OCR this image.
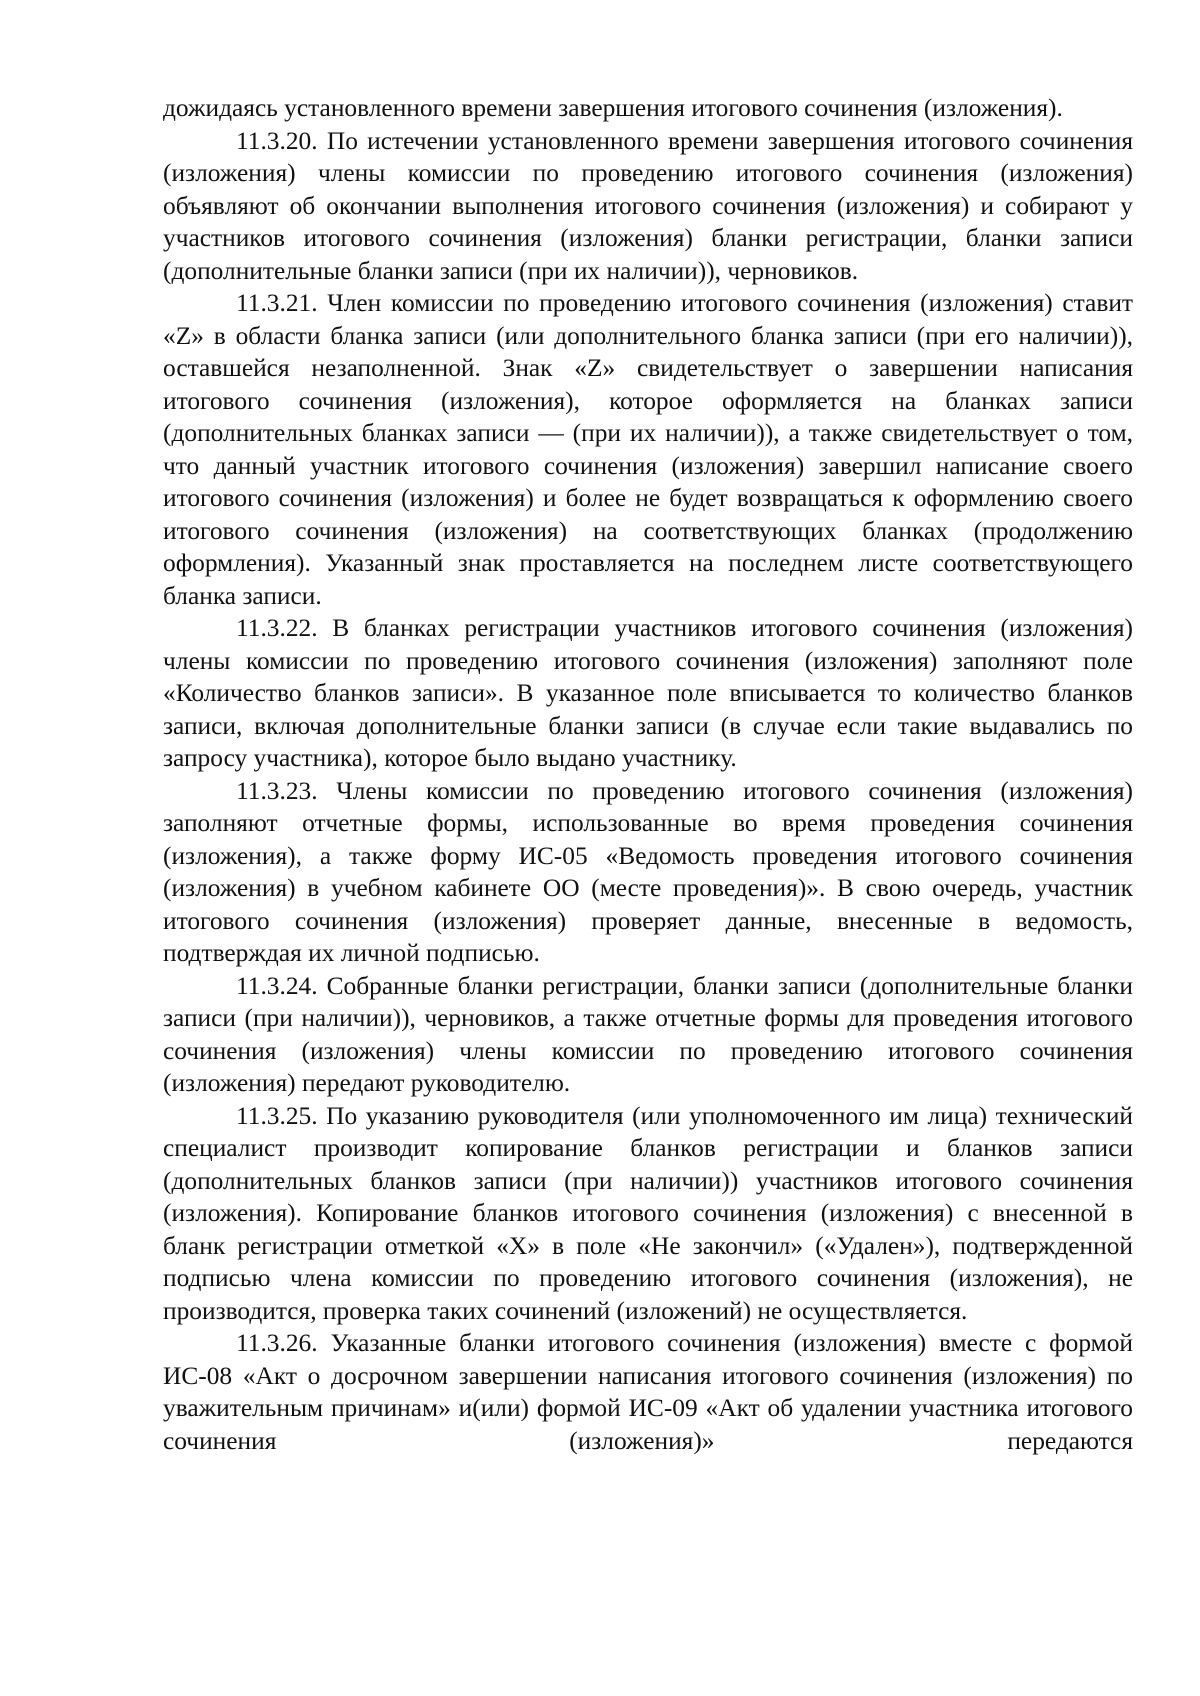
дожидаясь установленного времени завершения итогового сочинения (изложения).

11.3.20. По истечении установленного времени завершения итогового сочинения (изложения) члены комиссии по проведению итогового сочинения (изложения) объявляют об окончании выполнения итогового сочинения (изложения) и собирают у участников итогового сочинения (изложения) бланки регистрации, бланки записи (дополнительные бланки записи (при их наличии)), черновиков.

11.3.21. Член комиссии по проведению итогового сочинения (изложения) ставит «Z» в области бланка записи (или дополнительного бланка записи (при его наличии)), оставшейся незаполненной. Знак «Z» свидетельствует о завершении написания итогового сочинения (изложения), которое оформляется на бланках записи (дополнительных бланках записи — (при их наличии)), а также свидетельствует о том, что данный участник итогового сочинения (изложения) завершил написание своего итогового сочинения (изложения) и более не будет возвращаться к оформлению своего итогового сочинения (изложения) на соответствующих бланках (продолжению оформления). Указанный знак проставляется на последнем листе соответствующего бланка записи.

11.3.22. В бланках регистрации участников итогового сочинения (изложения) члены комиссии по проведению итогового сочинения (изложения) заполняют поле «Количество бланков записи». В указанное поле вписывается то количество бланков записи, включая дополнительные бланки записи (в случае если такие выдавались по запросу участника), которое было выдано участнику.

11.3.23. Члены комиссии по проведению итогового сочинения (изложения) заполняют отчетные формы, использованные во время проведения сочинения (изложения), а также форму ИС-05 «Ведомость проведения итогового сочинения (изложения) в учебном кабинете ОО (месте проведения)». В свою очередь, участник итогового сочинения (изложения) проверяет данные, внесенные в ведомость, подтверждая их личной подписью.

11.3.24. Собранные бланки регистрации, бланки записи (дополнительные бланки записи (при наличии)), черновиков, а также отчетные формы для проведения итогового сочинения (изложения) члены комиссии по проведению итогового сочинения (изложения) передают руководителю.

11.3.25. По указанию руководителя (или уполномоченного им лица) технический специалист производит копирование бланков регистрации и бланков записи (дополнительных бланков записи (при наличии)) участников итогового сочинения (изложения). Копирование бланков итогового сочинения (изложения) с внесенной в бланк регистрации отметкой «X» в поле «Не закончил» («Удален»), подтвержденной подписью члена комиссии по проведению итогового сочинения (изложения), не производится, проверка таких сочинений (изложений) не осуществляется.

11.3.26. Указанные бланки итогового сочинения (изложения) вместе с формой ИС-08 «Акт о досрочном завершении написания итогового сочинения (изложения) по уважительным причинам» и(или) формой ИС-09 «Акт об удалении участника итогового сочинения (изложения)» передаются
